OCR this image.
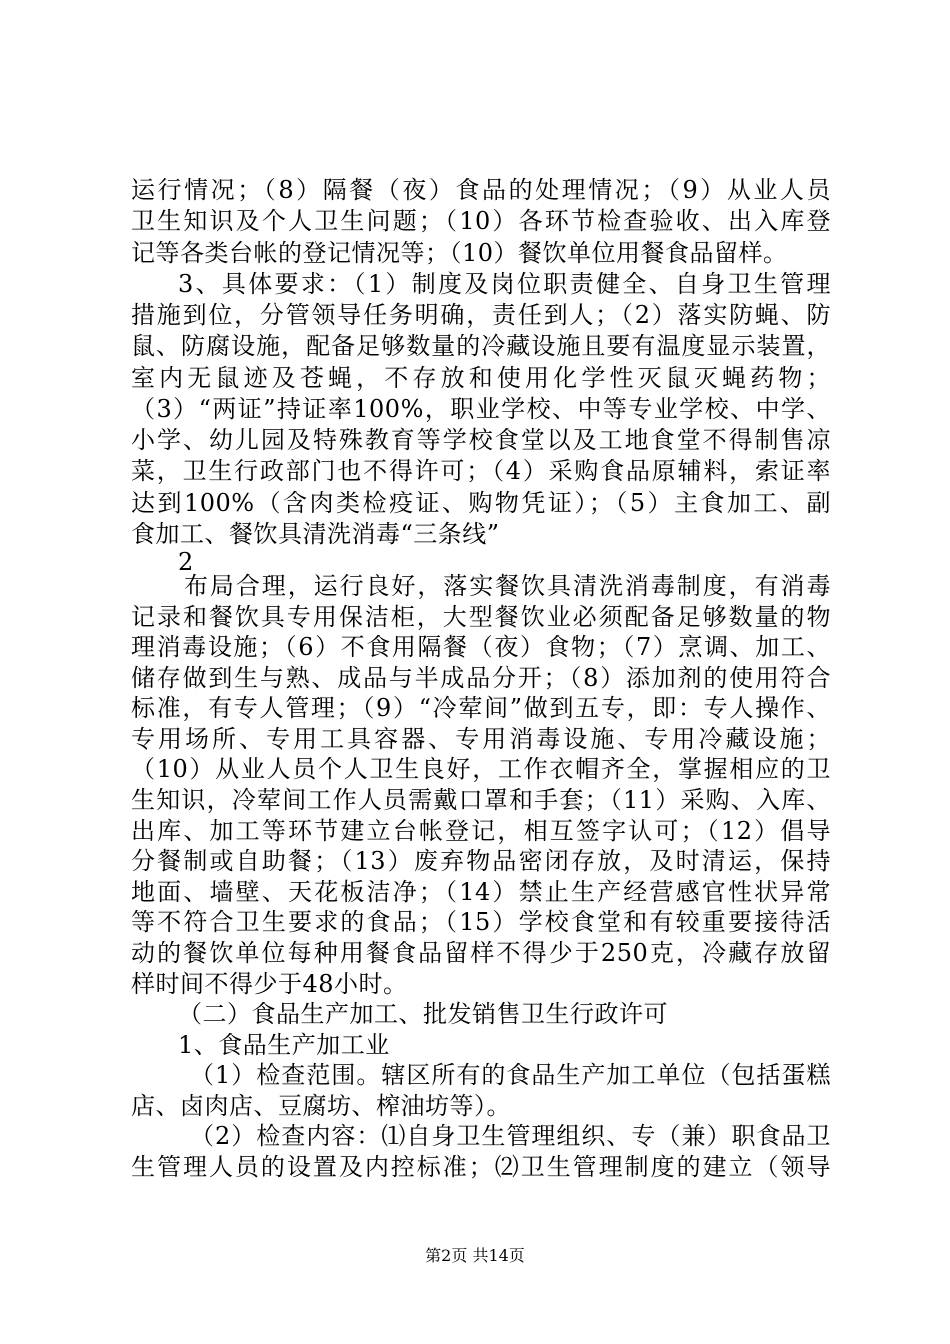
运行情况；（8）隔餐（夜）食品的处理情况；（9）从业人员
卫生知识及个人卫生问题；（10）各环节检查验收、出入库登
记等各类台帐的登记情况等；（10）餐饮单位用餐食品留样。
3、具体要求：（1）制度及岗位职责健全、自身卫生管理
措施到位，分管领导任务明确，责任到人；（2）落实防蝇、防
鼠、防腐设施，配备足够数量的冷藏设施且要有温度显示装置，
室内无鼠迹及苍蝇，不存放和使用化学性灭鼠灭蝇药物；
（3）“两证”持证率100%，职业学校、中等专业学校、中学、
小学、幼儿园及特殊教育等学校食堂以及工地食堂不得制售凉
菜，卫生行政部门也不得许可；（4）采购食品原辅料，索证率
达到100%（含肉类检疫证、购物凭证）；（5）主食加工、副
食加工、餐饮具清洗消毒“三条线”
2
布局合理，运行良好，落实餐饮具清洗消毒制度，有消毒
记录和餐饮具专用保洁柜，大型餐饮业必须配备足够数量的物
理消毒设施；（6）不食用隔餐（夜）食物；（7）烹调、加工、
储存做到生与熟、成品与半成品分开；（8）添加剂的使用符合
标准，有专人管理；（9）“冷荤间”做到五专，即：专人操作、
专用场所、专用工具容器、专用消毒设施、专用冷藏设施；
（10）从业人员个人卫生良好，工作衣帽齐全，掌握相应的卫
生知识，冷荤间工作人员需戴口罩和手套；（11）采购、入库、
出库、加工等环节建立台帐登记，相互签字认可；（12）倡导
分餐制或自助餐；（13）废弃物品密闭存放，及时清运，保持
地面、墙壁、天花板洁净；（14）禁止生产经营感官性状异常
等不符合卫生要求的食品；（15）学校食堂和有较重要接待活
动的餐饮单位每种用餐食品留样不得少于250克，冷藏存放留
样时间不得少于48小时。
（二）食品生产加工、批发销售卫生行政许可
1、食品生产加工业
（1）检查范围。辖区所有的食品生产加工单位（包括蛋糕
店、卤肉店、豆腐坊、榨油坊等）。
（2）检查内容：⑴自身卫生管理组织、专（兼）职食品卫
生管理人员的设置及内控标准；⑵卫生管理制度的建立（领导
第2页 共14页
